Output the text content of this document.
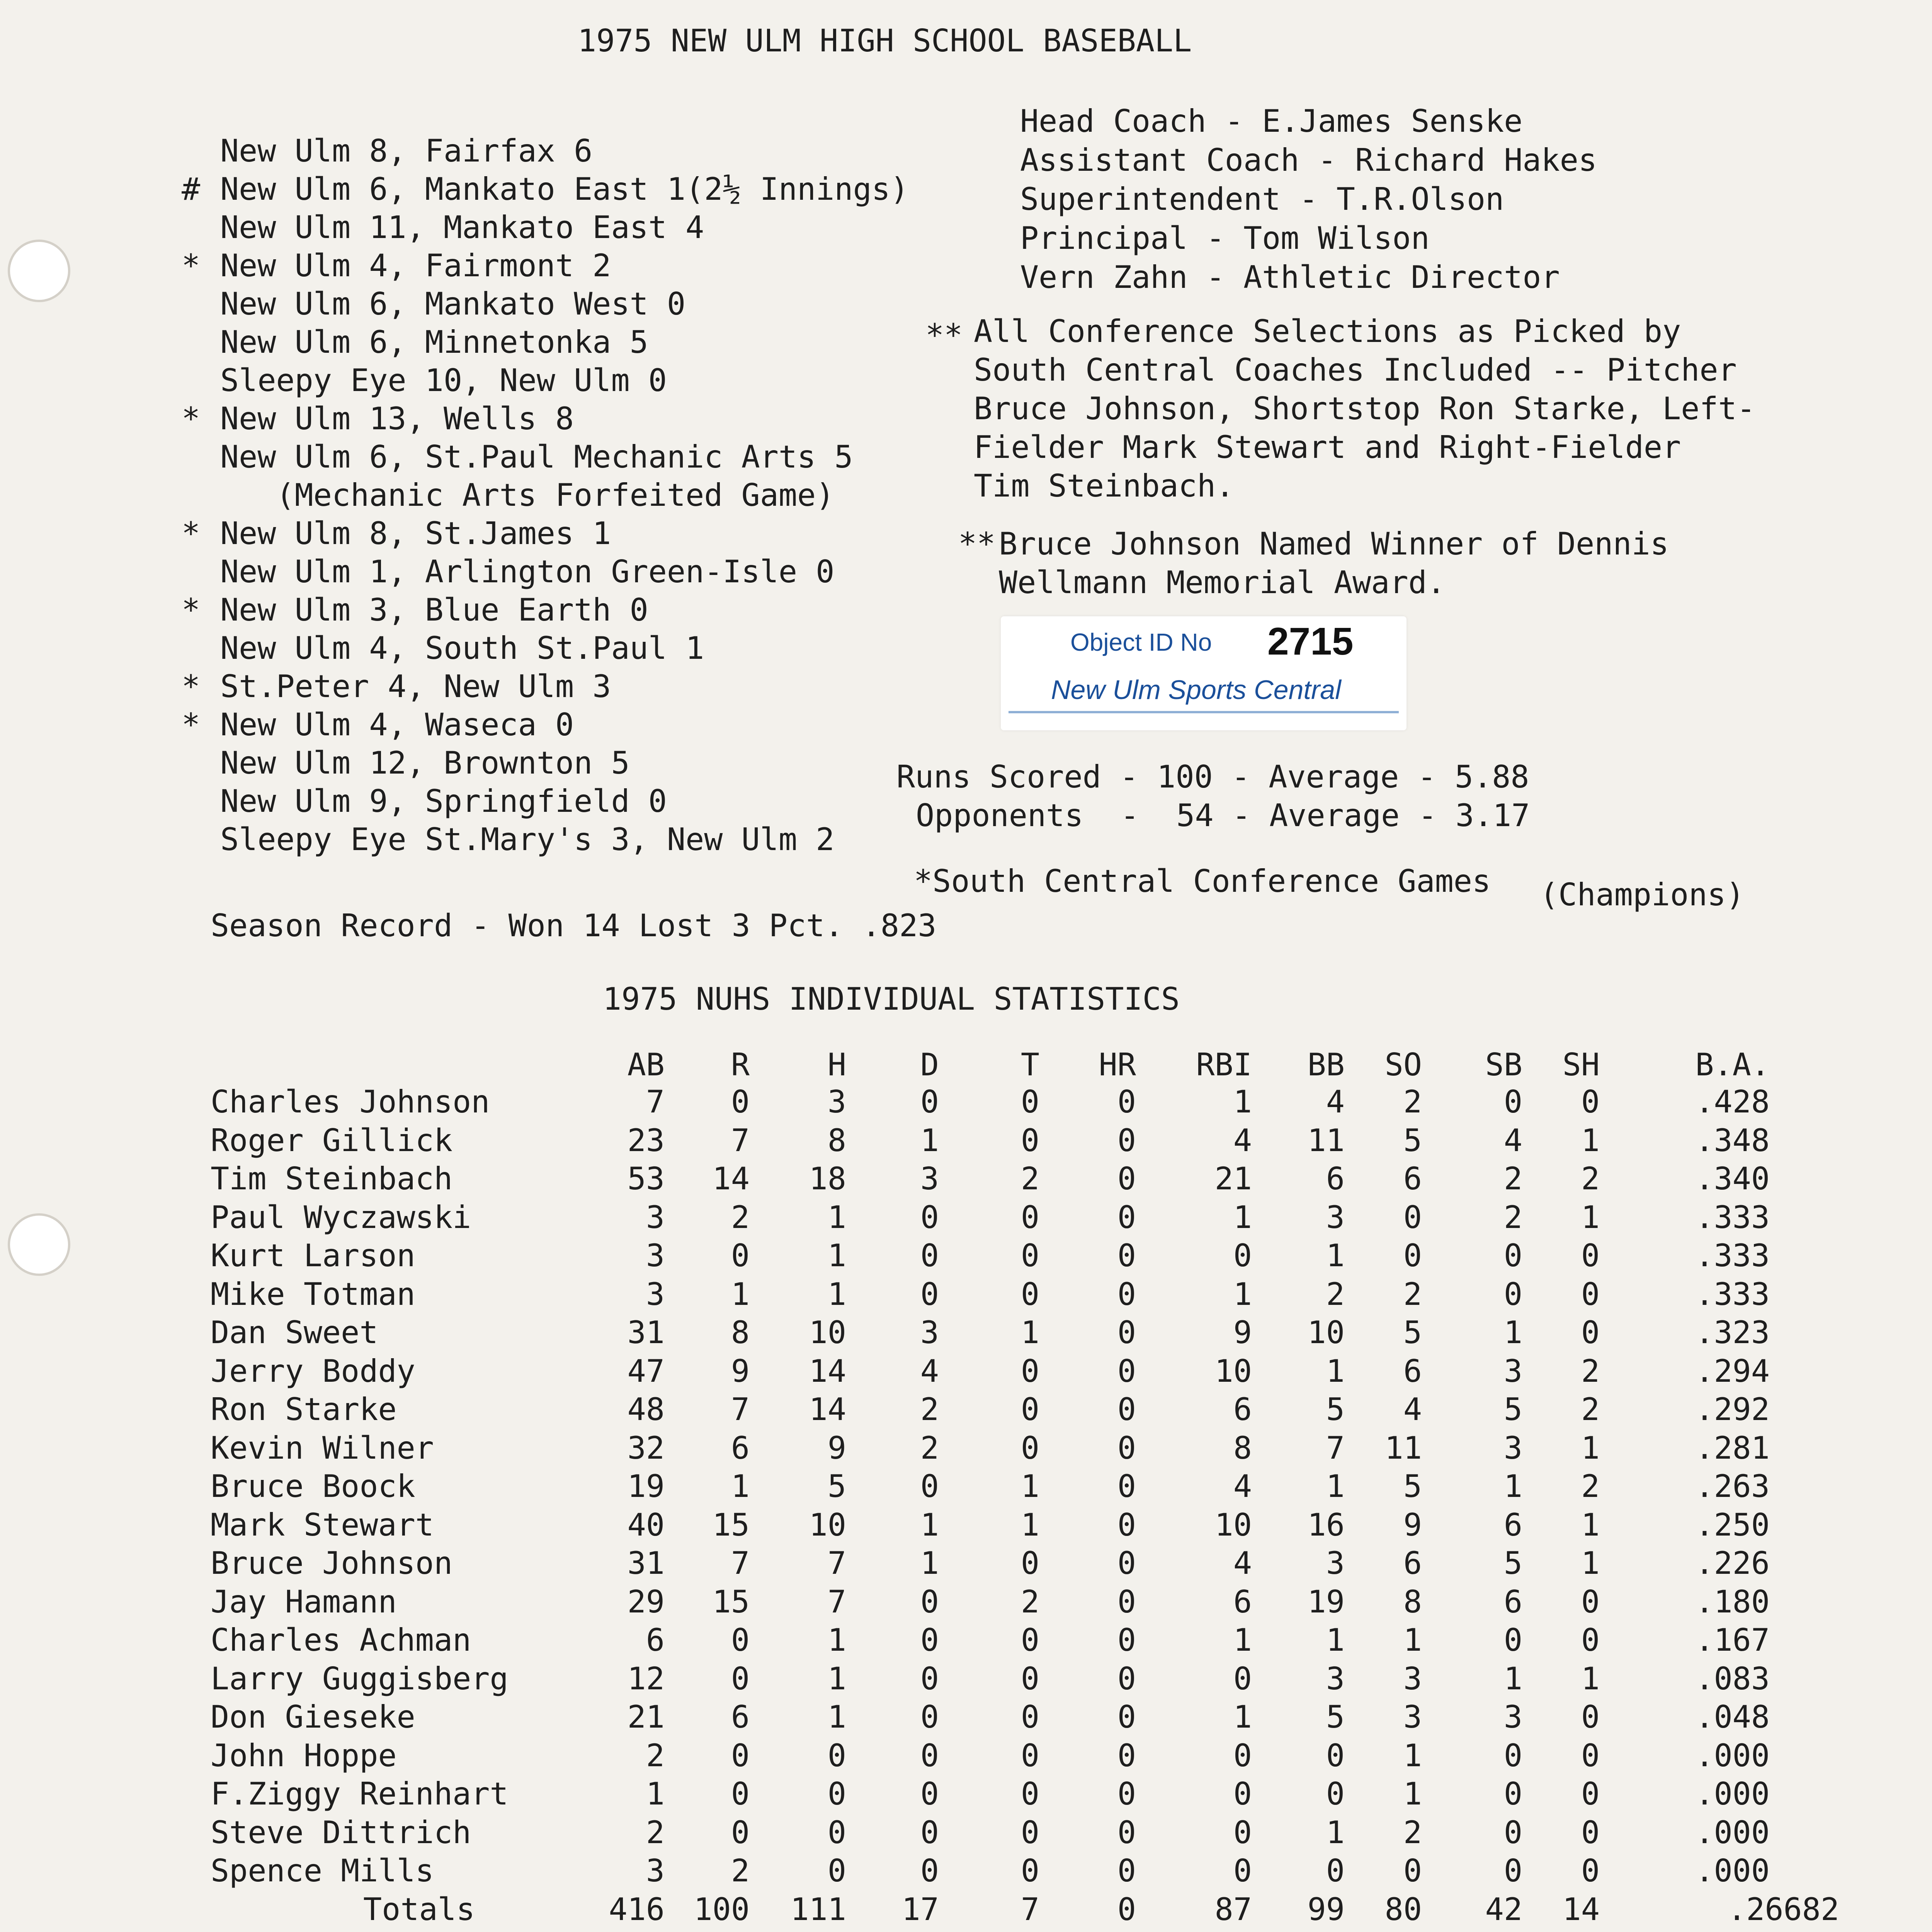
1975 NEW ULM HIGH SCHOOL BASEBALL
New Ulm 8, Fairfax 6
# New Ulm 6, Mankato East 1(2½ Innings)
New Ulm 11, Mankato East 4
* New Ulm 4, Fairmont 2
New Ulm 6, Mankato West 0
New Ulm 6, Minnetonka 5
Sleepy Eye 10, New Ulm 0
* New Ulm 13, Wells 8
New Ulm 6, St.Paul Mechanic Arts 5
(Mechanic Arts Forfeited Game)
* New Ulm 8, St.James 1
New Ulm 1, Arlington Green-Isle 0
* New Ulm 3, Blue Earth 0
New Ulm 4, South St.Paul 1
* St.Peter 4, New Ulm 3
* New Ulm 4, Waseca 0
New Ulm 12, Brownton 5
New Ulm 9, Springfield 0
Sleepy Eye St.Mary's 3, New Ulm 2
Season Record - Won 14 Lost 3 Pct. .823
Head Coach - E.James Senske
Assistant Coach - Richard Hakes
Superintendent - T.R.Olson
Principal - Tom Wilson
Vern Zahn - Athletic Director
** All Conference Selections as Picked by
South Central Coaches Included -- Pitcher
Bruce Johnson, Shortstop Ron Starke, Left-
Fielder Mark Stewart and Right-Fielder
Tim Steinbach.
** Bruce Johnson Named Winner of Dennis
Wellmann Memorial Award.
Object ID No 2715
New Ulm Sports Central
Runs Scored - 100 - Average - 5.88
Opponents  -  54 - Average - 3.17
*South Central Conference Games (Champions)
1975 NUHS INDIVIDUAL STATISTICS
AB	R	H	D	T	HR	RBI	BB	SO	SB	SH	B.A.
Charles Johnson	7	0	3	0	0	0	1	4	2	0	0	.428
Roger Gillick	23	7	8	1	0	0	4	11	5	4	1	.348
Tim Steinbach	53	14	18	3	2	0	21	6	6	2	2	.340
Paul Wyczawski	3	2	1	0	0	0	1	3	0	2	1	.333
Kurt Larson	3	0	1	0	0	0	0	1	0	0	0	.333
Mike Totman	3	1	1	0	0	0	1	2	2	0	0	.333
Dan Sweet	31	8	10	3	1	0	9	10	5	1	0	.323
Jerry Boddy	47	9	14	4	0	0	10	1	6	3	2	.294
Ron Starke	48	7	14	2	0	0	6	5	4	5	2	.292
Kevin Wilner	32	6	9	2	0	0	8	7	11	3	1	.281
Bruce Boock	19	1	5	0	1	0	4	1	5	1	2	.263
Mark Stewart	40	15	10	1	1	0	10	16	9	6	1	.250
Bruce Johnson	31	7	7	1	0	0	4	3	6	5	1	.226
Jay Hamann	29	15	7	0	2	0	6	19	8	6	0	.180
Charles Achman	6	0	1	0	0	0	1	1	1	0	0	.167
Larry Guggisberg	12	0	1	0	0	0	0	3	3	1	1	.083
Don Gieseke	21	6	1	0	0	0	1	5	3	3	0	.048
John Hoppe	2	0	0	0	0	0	0	0	1	0	0	.000
F.Ziggy Reinhart	1	0	0	0	0	0	0	0	1	0	0	.000
Steve Dittrich	2	0	0	0	0	0	0	1	2	0	0	.000
Spence Mills	3	2	0	0	0	0	0	0	0	0	0	.000
Totals	416 100	111	17	7	0	87	99	80	42	14	.26682
